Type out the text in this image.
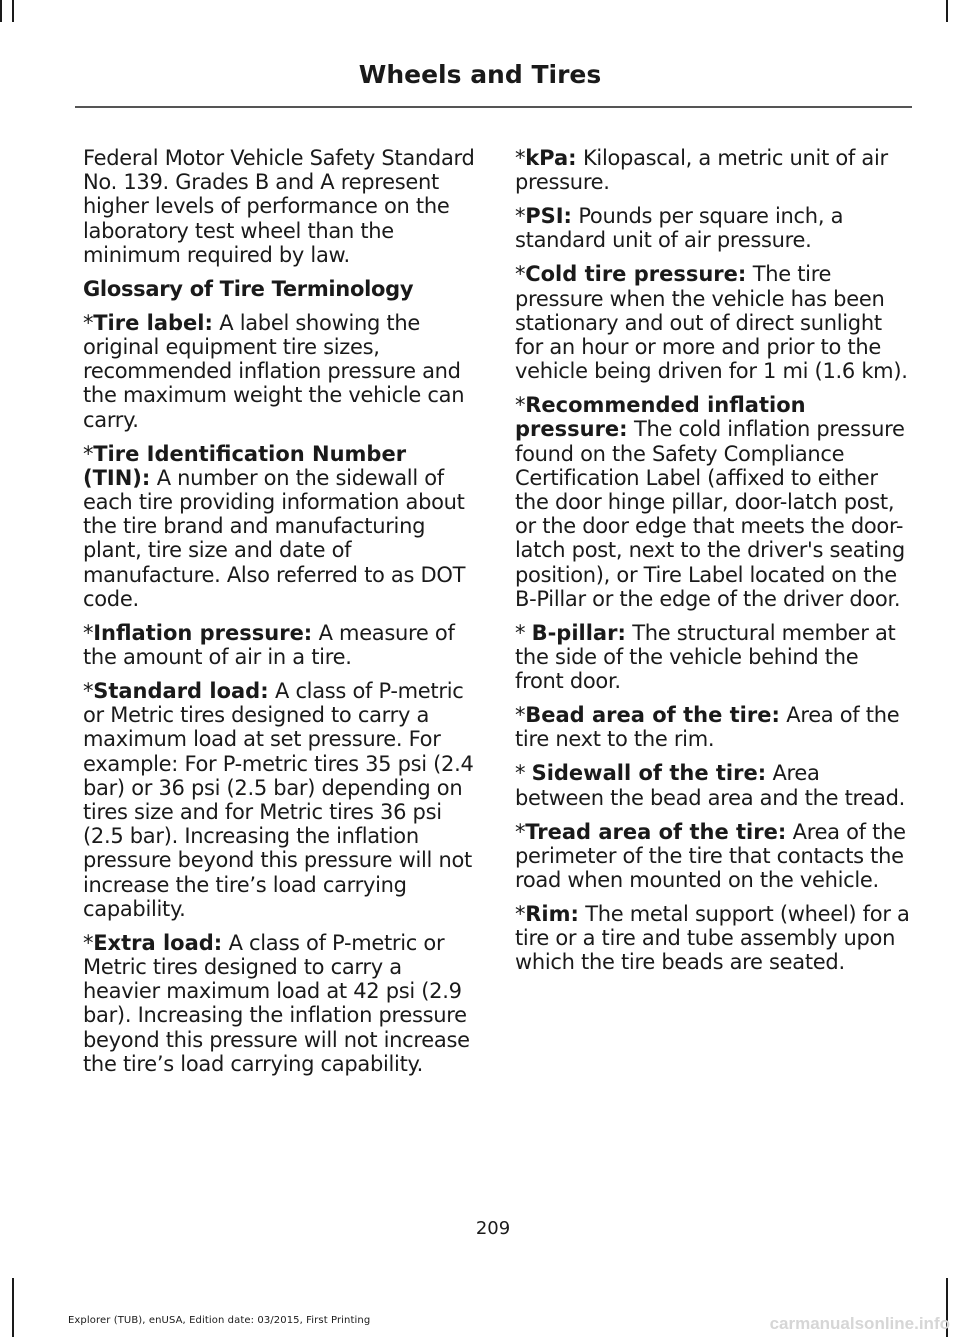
Wheels and Tires

Federal Motor Vehicle Safety Standard No. 139. Grades B and A represent higher levels of performance on the laboratory test wheel than the minimum required by law.

Glossary of Tire Terminology

*Tire label: A label showing the original equipment tire sizes, recommended inflation pressure and the maximum weight the vehicle can carry.

*Tire Identification Number (TIN): A number on the sidewall of each tire providing information about the tire brand and manufacturing plant, tire size and date of manufacture. Also referred to as DOT code.

*Inflation pressure: A measure of the amount of air in a tire.

*Standard load: A class of P-metric or Metric tires designed to carry a maximum load at set pressure. For example: For P-metric tires 35 psi (2.4 bar) or 36 psi (2.5 bar) depending on tires size and for Metric tires 36 psi (2.5 bar). Increasing the inflation pressure beyond this pressure will not increase the tire’s load carrying capability.

*Extra load: A class of P-metric or Metric tires designed to carry a heavier maximum load at 42 psi (2.9 bar). Increasing the inflation pressure beyond this pressure will not increase the tire’s load carrying capability.

*kPa: Kilopascal, a metric unit of air pressure.

*PSI: Pounds per square inch, a standard unit of air pressure.

*Cold tire pressure: The tire pressure when the vehicle has been stationary and out of direct sunlight for an hour or more and prior to the vehicle being driven for 1 mi (1.6 km).

*Recommended inflation pressure: The cold inflation pressure found on the Safety Compliance Certification Label (affixed to either the door hinge pillar, door-latch post, or the door edge that meets the door-latch post, next to the driver's seating position), or Tire Label located on the B-Pillar or the edge of the driver door.

* B-pillar: The structural member at the side of the vehicle behind the front door.

*Bead area of the tire: Area of the tire next to the rim.

* Sidewall of the tire: Area between the bead area and the tread.

*Tread area of the tire: Area of the perimeter of the tire that contacts the road when mounted on the vehicle.

*Rim: The metal support (wheel) for a tire or a tire and tube assembly upon which the tire beads are seated.

209
Explorer (TUB), enUSA, Edition date: 03/2015, First Printing	carmanualsonline.info
